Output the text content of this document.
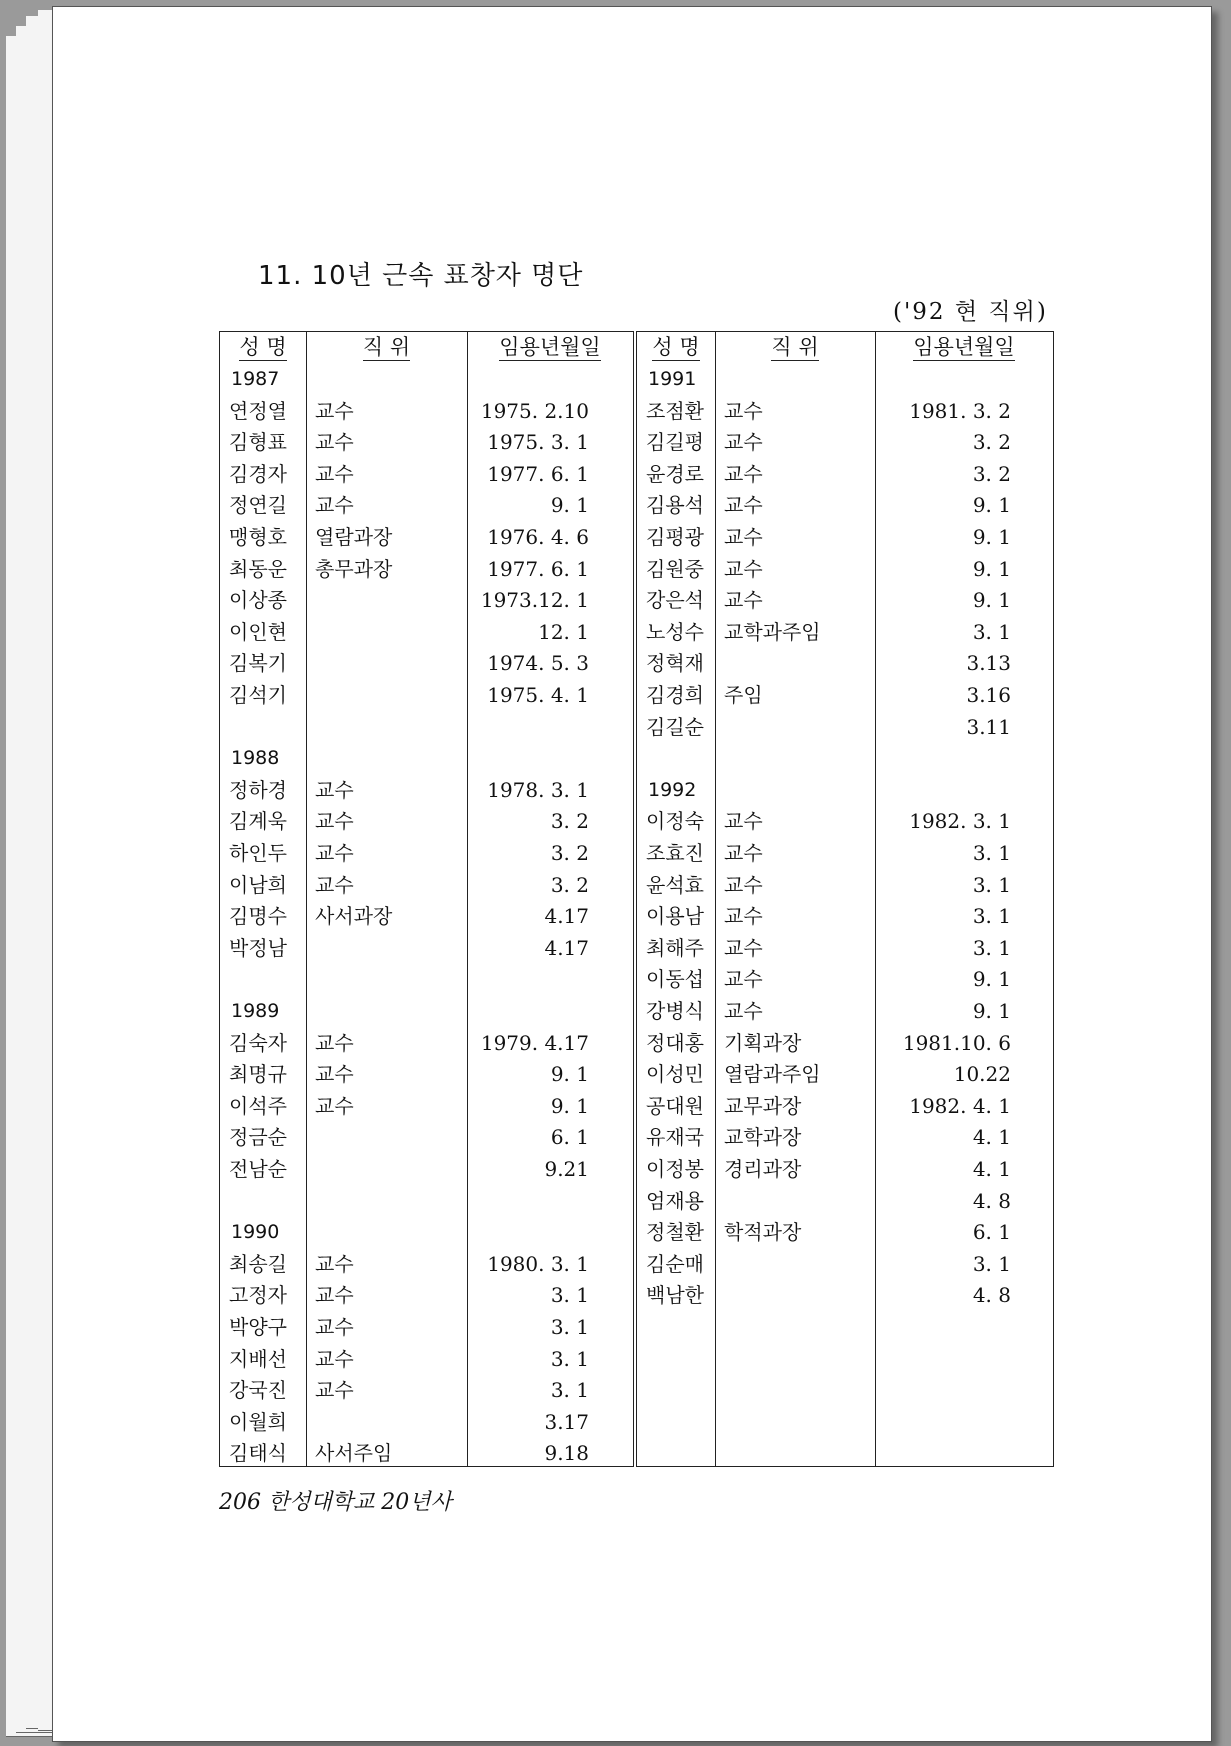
11. 10년 근속 표창자 명단
('92 현 직위)
성 명	직 위	임용년월일
1987
연정열 교수	1975. 2.10
김형표 교수	1975. 3. 1
김경자 교수	1977. 6. 1
정연길 교수	9. 1
맹형호 열람과장	1976. 4. 6
최동운 총무과장	1977. 6. 1
이상종	1973.12. 1
이인현	12. 1
김복기	1974. 5. 3
김석기	1975. 4. 1
1988
정하경 교수	1978. 3. 1
김계욱 교수	3. 2
하인두 교수	3. 2
이남희 교수	3. 2
김명수 사서과장	4.17
박정남	4.17
1989
김숙자 교수	1979. 4.17
최명규 교수	9. 1
이석주 교수	9. 1
정금순	6. 1
전남순	9.21
1990
최송길 교수	1980. 3. 1
고정자 교수	3. 1
박양구 교수	3. 1
지배선 교수	3. 1
강국진 교수	3. 1
이월희	3.17
김태식 사서주임	9.18
성 명	직 위	임용년월일
1991
조점환 교수	1981. 3. 2
김길평 교수	3. 2
윤경로 교수	3. 2
김용석 교수	9. 1
김평광 교수	9. 1
김원중 교수	9. 1
강은석 교수	9. 1
노성수 교학과주임	3. 1
정혁재	3.13
김경희 주임	3.16
김길순	3.11
1992
이정숙 교수	1982. 3. 1
조효진 교수	3. 1
윤석효 교수	3. 1
이용남 교수	3. 1
최해주 교수	3. 1
이동섭 교수	9. 1
강병식 교수	9. 1
정대홍 기획과장	1981.10. 6
이성민 열람과주임	10.22
공대원 교무과장	1982. 4. 1
유재국 교학과장	4. 1
이정봉 경리과장	4. 1
엄재용	4. 8
정철환 학적과장	6. 1
김순매	3. 1
백남한	4. 8
206 한성대학교 20년사
